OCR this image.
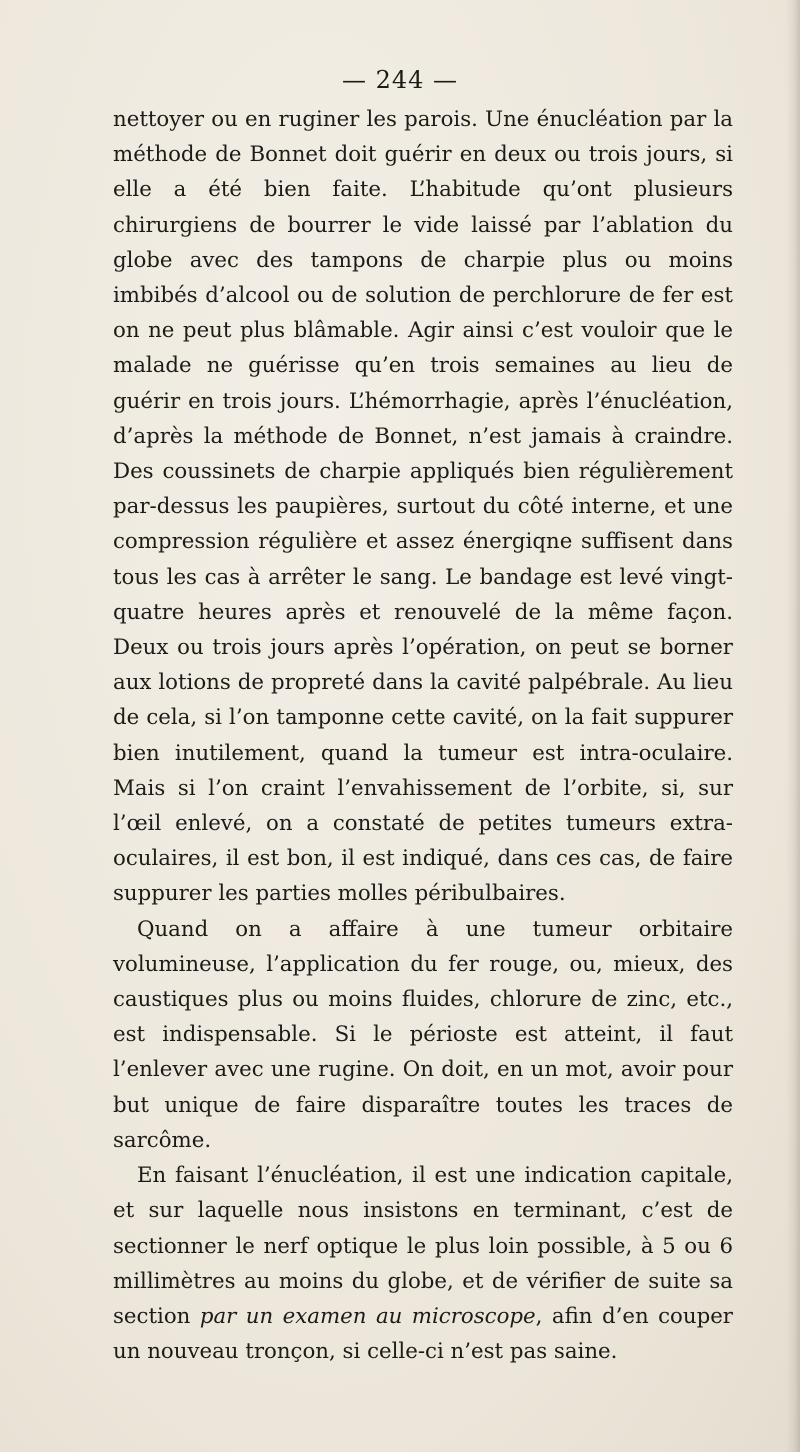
— 244 —

nettoyer ou en ruginer les parois. Une énucléation par la méthode de Bonnet doit guérir en deux ou trois jours, si elle a été bien faite. L’habitude qu’ont plusieurs chirurgiens de bourrer le vide laissé par l’ablation du globe avec des tampons de charpie plus ou moins imbibés d’alcool ou de solution de perchlorure de fer est on ne peut plus blâmable. Agir ainsi c’est vouloir que le malade ne guérisse qu’en trois semaines au lieu de guérir en trois jours. L’hémorrhagie, après l’énucléation, d’après la méthode de Bonnet, n’est jamais à craindre. Des coussinets de charpie appliqués bien régulièrement par-dessus les paupières, surtout du côté interne, et une compression régulière et assez énergiqne suffisent dans tous les cas à arrêter le sang. Le bandage est levé vingt-quatre heures après et renouvelé de la même façon. Deux ou trois jours après l’opération, on peut se borner aux lotions de propreté dans la cavité palpébrale. Au lieu de cela, si l’on tamponne cette cavité, on la fait suppurer bien inutilement, quand la tumeur est intra-oculaire. Mais si l’on craint l’envahissement de l’orbite, si, sur l’œil enlevé, on a constaté de petites tumeurs extra-oculaires, il est bon, il est indiqué, dans ces cas, de faire suppurer les parties molles péribulbaires.

Quand on a affaire à une tumeur orbitaire volumineuse, l’application du fer rouge, ou, mieux, des caustiques plus ou moins fluides, chlorure de zinc, etc., est indispensable. Si le périoste est atteint, il faut l’enlever avec une rugine. On doit, en un mot, avoir pour but unique de faire disparaître toutes les traces de sarcôme.

En faisant l’énucléation, il est une indication capitale, et sur laquelle nous insistons en terminant, c’est de sectionner le nerf optique le plus loin possible, à 5 ou 6 millimètres au moins du globe, et de vérifier de suite sa section par un examen au microscope, afin d’en couper un nouveau tronçon, si celle-ci n’est pas saine.
